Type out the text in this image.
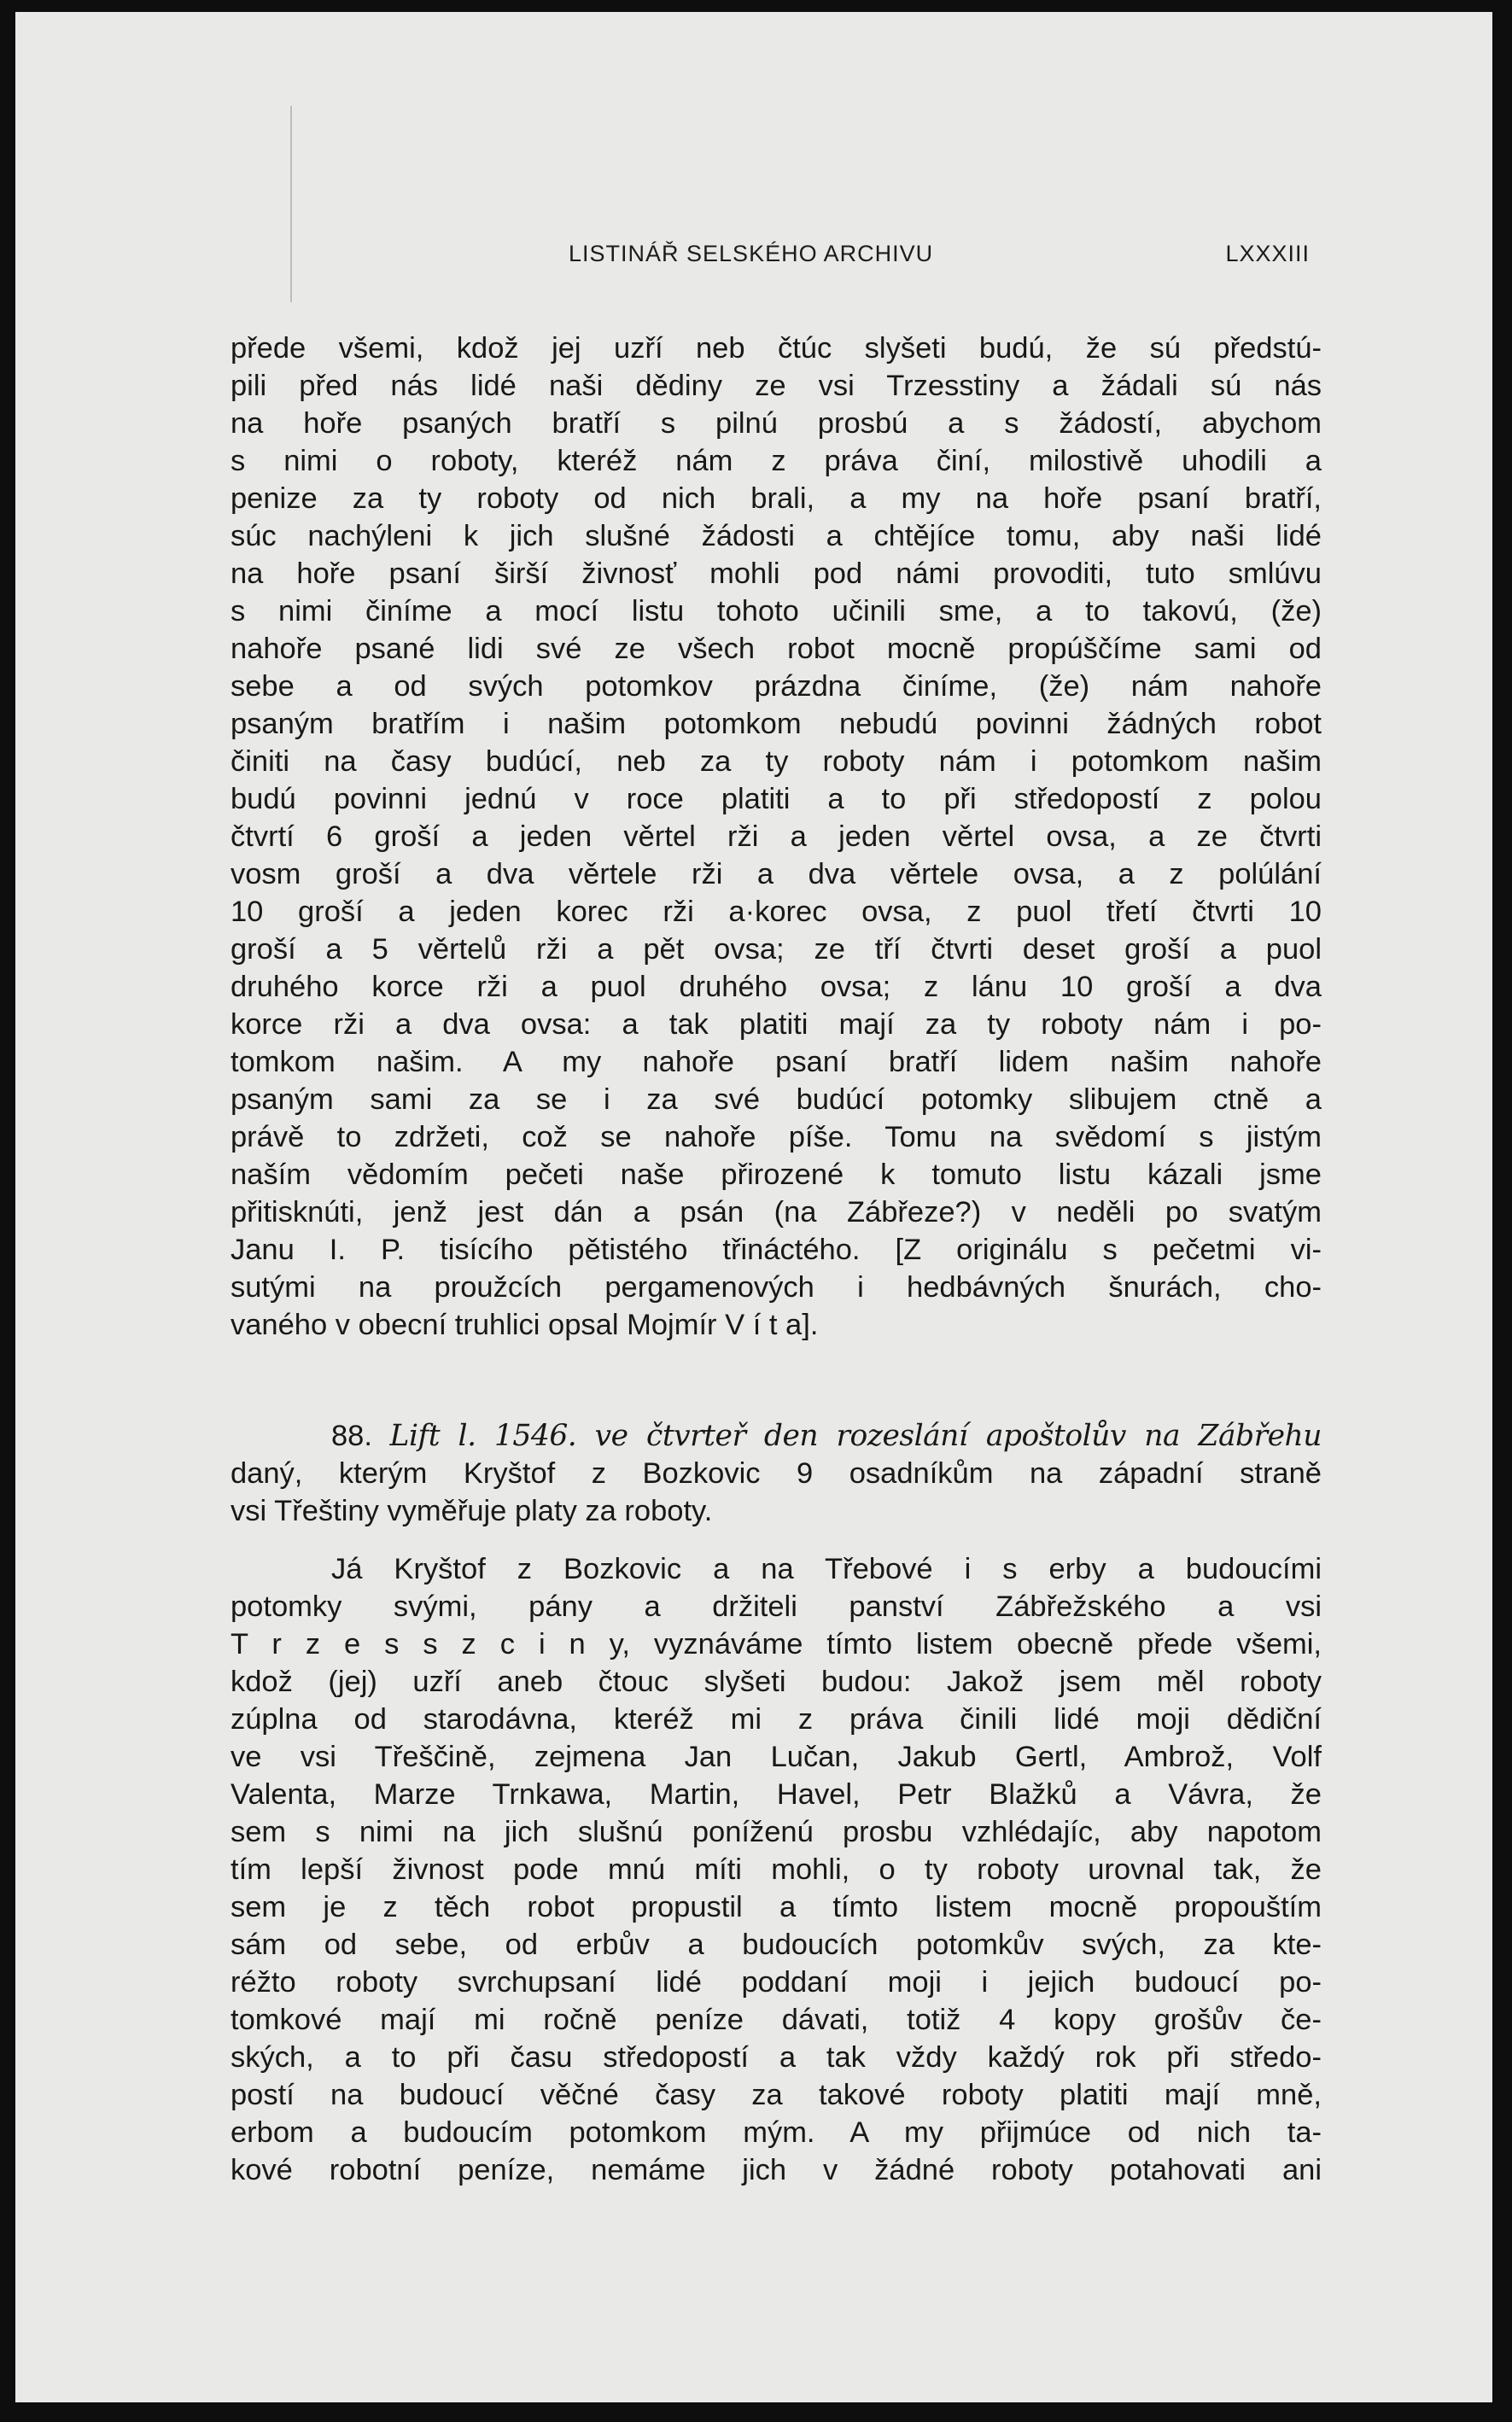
LISTINÁŘ SELSKÉHO ARCHIVU	LXXXIII

přede všemi, kdož jej uzří neb čtúc slyšeti budú, že sú předstú-

pili před nás lidé naši dědiny ze vsi Trzesstiny a žádali sú nás

na hoře psaných bratří s pilnú prosbú a s žádostí, abychom

s nimi o roboty, kteréž nám z práva činí, milostivě uhodili a

penize za ty roboty od nich brali, a my na hoře psaní bratří,

súc nachýleni k jich slušné žádosti a chtějíce tomu, aby naši lidé

na hoře psaní širší živnosť mohli pod námi provoditi, tuto smlúvu

s nimi činíme a mocí listu tohoto učinili sme, a to takovú, (že)

nahoře psané lidi své ze všech robot mocně propúščíme sami od

sebe a od svých potomkov prázdna činíme, (že) nám nahoře

psaným bratřím i našim potomkom nebudú povinni žádných robot

činiti na časy budúcí, neb za ty roboty nám i potomkom našim

budú povinni jednú v roce platiti a to při středopostí z polou

čtvrtí 6 groší a jeden věrtel rži a jeden věrtel ovsa, a ze čtvrti

vosm groší a dva věrtele rži a dva věrtele ovsa, a z polúlání

10 groší a jeden korec rži a·korec ovsa, z puol třetí čtvrti 10

groší a 5 věrtelů rži a pět ovsa; ze tří čtvrti deset groší a puol

druhého korce rži a puol druhého ovsa; z lánu 10 groší a dva

korce rži a dva ovsa: a tak platiti mají za ty roboty nám i po-

tomkom našim. A my nahoře psaní bratří lidem našim nahoře

psaným sami za se i za své budúcí potomky slibujem ctně a

právě to zdržeti, což se nahoře píše. Tomu na svědomí s jistým

naším vědomím pečeti naše přirozené k tomuto listu kázali jsme

přitisknúti, jenž jest dán a psán (na Zábřeze?) v neděli po svatým

Janu I. P. tisícího pětistého třináctého. [Z originálu s pečetmi vi-

sutými na proužcích pergamenových i hedbávných šnurách, cho-

vaného v obecní truhlici opsal Mojmír V í t a].

88. Lift l. 1546. ve čtvrteř den rozeslání apoštolův na Zábřehu

daný, kterým Kryštof z Bozkovic 9 osadníkům na západní straně

vsi Třeštiny vyměřuje platy za roboty.

Já Kryštof z Bozkovic a na Třebové i s erby a budoucími

potomky svými, pány a držiteli panství Zábřežského a vsi

T r z e s s z c i n y, vyznáváme tímto listem obecně přede všemi,

kdož (jej) uzří aneb čtouc slyšeti budou: Jakož jsem měl roboty

zúplna od starodávna, kteréž mi z práva činili lidé moji dědiční

ve vsi Třeščině, zejmena Jan Lučan, Jakub Gertl, Ambrož, Volf

Valenta, Marze Trnkawa, Martin, Havel, Petr Blažků a Vávra, že

sem s nimi na jich slušnú poníženú prosbu vzhlédajíc, aby napotom

tím lepší živnost pode mnú míti mohli, o ty roboty urovnal tak, že

sem je z těch robot propustil a tímto listem mocně propouštím

sám od sebe, od erbův a budoucích potomkův svých, za kte-

réžto roboty svrchupsaní lidé poddaní moji i jejich budoucí po-

tomkové mají mi ročně peníze dávati, totiž 4 kopy grošův če-

ských, a to při času středopostí a tak vždy každý rok při středo-

postí na budoucí věčné časy za takové roboty platiti mají mně,

erbom a budoucím potomkom mým. A my přijmúce od nich ta-

kové robotní peníze, nemáme jich v žádné roboty potahovati ani
